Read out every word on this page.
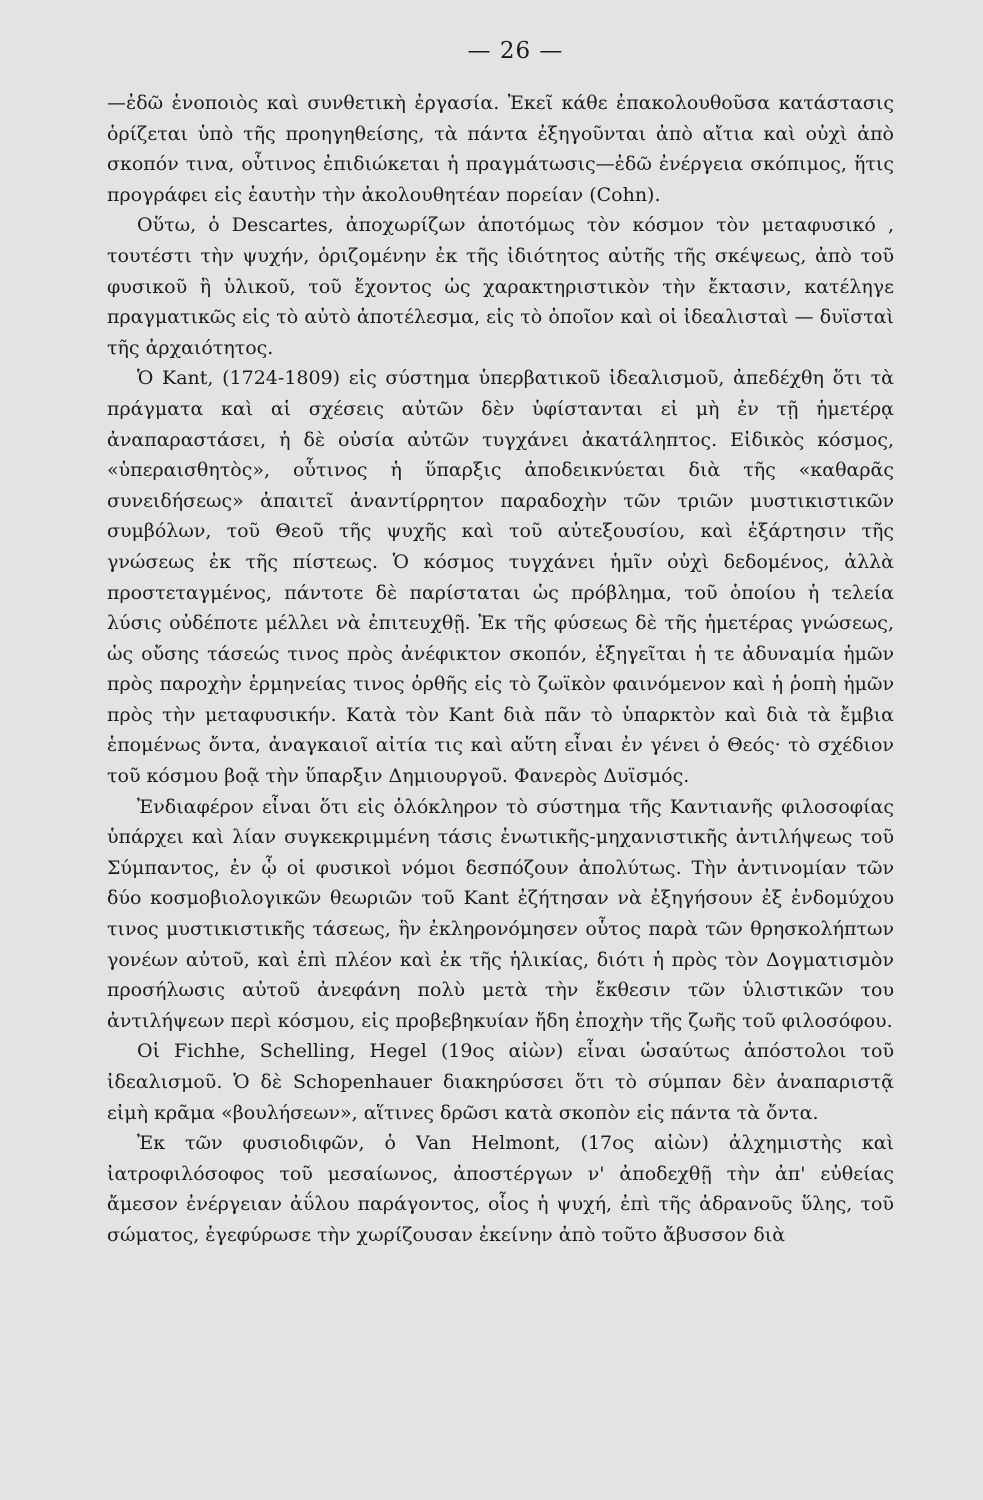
— 26 —

—ἐδῶ ἑνοποιὸς καὶ συνθετικὴ ἐργασία. Ἐκεῖ κάθε ἐπακολουθοῦσα κατάστασις ὁρίζεται ὑπὸ τῆς προηγηθείσης, τὰ πάντα ἐξηγοῦνται ἀπὸ αἴτια καὶ οὐχὶ ἀπὸ σκοπόν τινα, οὗτινος ἐπιδιώκεται ἡ πραγμάτωσις—ἐδῶ ἐνέργεια σκόπιμος, ἥτις προγράφει εἰς ἑαυτὴν τὴν ἀκολουθητέαν πορείαν (Cohn).

Οὕτω, ὁ Descartes, ἀποχωρίζων ἀποτόμως τὸν κόσμον τὸν μεταφυσικό , τουτέστι τὴν ψυχήν, ὁριζομένην ἐκ τῆς ἰδιότητος αὐτῆς τῆς σκέψεως, ἀπὸ τοῦ φυσικοῦ ἢ ὑλικοῦ, τοῦ ἔχοντος ὡς χαρακτηριστικὸν τὴν ἔκτασιν, κατέληγε πραγματικῶς εἰς τὸ αὐτὸ ἀποτέλεσμα, εἰς τὸ ὁποῖον καὶ οἱ ἰδεαλισταὶ — δυϊσταὶ τῆς ἀρχαιότητος.

Ὁ Kant, (1724-1809) εἰς σύστημα ὑπερβατικοῦ ἰδεαλισμοῦ, ἀπεδέχθη ὅτι τὰ πράγματα καὶ αἱ σχέσεις αὐτῶν δὲν ὑφίστανται εἰ μὴ ἐν τῇ ἡμετέρᾳ ἀναπαραστάσει, ἡ δὲ οὐσία αὐτῶν τυγχάνει ἀκατάληπτος. Εἰδικὸς κόσμος, «ὑπεραισθητὸς», οὗτινος ἡ ὕπαρξις ἀποδεικνύεται διὰ τῆς «καθαρᾶς συνειδήσεως» ἀπαιτεῖ ἀναντίρρητον παραδοχὴν τῶν τριῶν μυστικιστικῶν συμβόλων, τοῦ Θεοῦ τῆς ψυχῆς καὶ τοῦ αὐτεξουσίου, καὶ ἐξάρτησιν τῆς γνώσεως ἐκ τῆς πίστεως. Ὁ κόσμος τυγχάνει ἡμῖν οὐχὶ δεδομένος, ἀλλὰ προστεταγμένος, πάντοτε δὲ παρίσταται ὡς πρόβλημα, τοῦ ὁποίου ἡ τελεία λύσις οὐδέποτε μέλλει νὰ ἐπιτευχθῇ. Ἐκ τῆς φύσεως δὲ τῆς ἡμετέρας γνώσεως, ὡς οὔσης τάσεώς τινος πρὸς ἀνέφικτον σκοπόν, ἐξηγεῖται ἡ τε ἀδυναμία ἡμῶν πρὸς παροχὴν ἑρμηνείας τινος ὀρθῆς εἰς τὸ ζωϊκὸν φαινόμενον καὶ ἡ ῥοπὴ ἡμῶν πρὸς τὴν μεταφυσικήν. Κατὰ τὸν Kant διὰ πᾶν τὸ ὑπαρκτὸν καὶ διὰ τὰ ἔμβια ἑπομένως ὄντα, ἀναγκαιοῖ αἰτία τις καὶ αὕτη εἶναι ἐν γένει ὁ Θεός· τὸ σχέδιον τοῦ κόσμου βοᾷ τὴν ὕπαρξιν Δημιουργοῦ. Φανερὸς Δυϊσμός.

Ἐνδιαφέρον εἶναι ὅτι εἰς ὁλόκληρον τὸ σύστημα τῆς Καντιανῆς φιλοσοφίας ὑπάρχει καὶ λίαν συγκεκριμμένη τάσις ἑνωτικῆς-μηχανιστικῆς ἀντιλήψεως τοῦ Σύμπαντος, ἐν ᾧ οἱ φυσικοὶ νόμοι δεσπόζουν ἀπολύτως. Τὴν ἀντινομίαν τῶν δύο κοσμοβιολογικῶν θεωριῶν τοῦ Kant ἐζήτησαν νὰ ἐξηγήσουν ἐξ ἐνδομύχου τινος μυστικιστικῆς τάσεως, ἣν ἐκληρονόμησεν οὗτος παρὰ τῶν θρησκολήπτων γονέων αὐτοῦ, καὶ ἐπὶ πλέον καὶ ἐκ τῆς ἡλικίας, διότι ἡ πρὸς τὸν Δογματισμὸν προσήλωσις αὐτοῦ ἀνεφάνη πολὺ μετὰ τὴν ἔκθεσιν τῶν ὑλιστικῶν του ἀντιλήψεων περὶ κόσμου, εἰς προβεβηκυίαν ἤδη ἐποχὴν τῆς ζωῆς τοῦ φιλοσόφου.

Οἱ Fichhe, Schelling, Hegel (19ος αἰὼν) εἶναι ὡσαύτως ἀπόστολοι τοῦ ἰδεαλισμοῦ. Ὁ δὲ Schopenhauer διακηρύσσει ὅτι τὸ σύμπαν δὲν ἀναπαριστᾷ εἰμὴ κρᾶμα «βουλήσεων», αἵτινες δρῶσι κατὰ σκοπὸν εἰς πάντα τὰ ὄντα.

Ἐκ τῶν φυσιοδιφῶν, ὁ Van Helmont, (17ος αἰὼν) ἀλχημιστὴς καὶ ἰατροφιλόσοφος τοῦ μεσαίωνος, ἀποστέργων ν' ἀποδεχθῇ τὴν ἀπ' εὐθείας ἄμεσον ἐνέργειαν ἀΰλου παράγοντος, οἷος ἡ ψυχή, ἐπὶ τῆς ἀδρανοῦς ὕλης, τοῦ σώματος, ἐγεφύρωσε τὴν χωρίζουσαν ἐκείνην ἀπὸ τοῦτο ἄβυσσον διὰ
